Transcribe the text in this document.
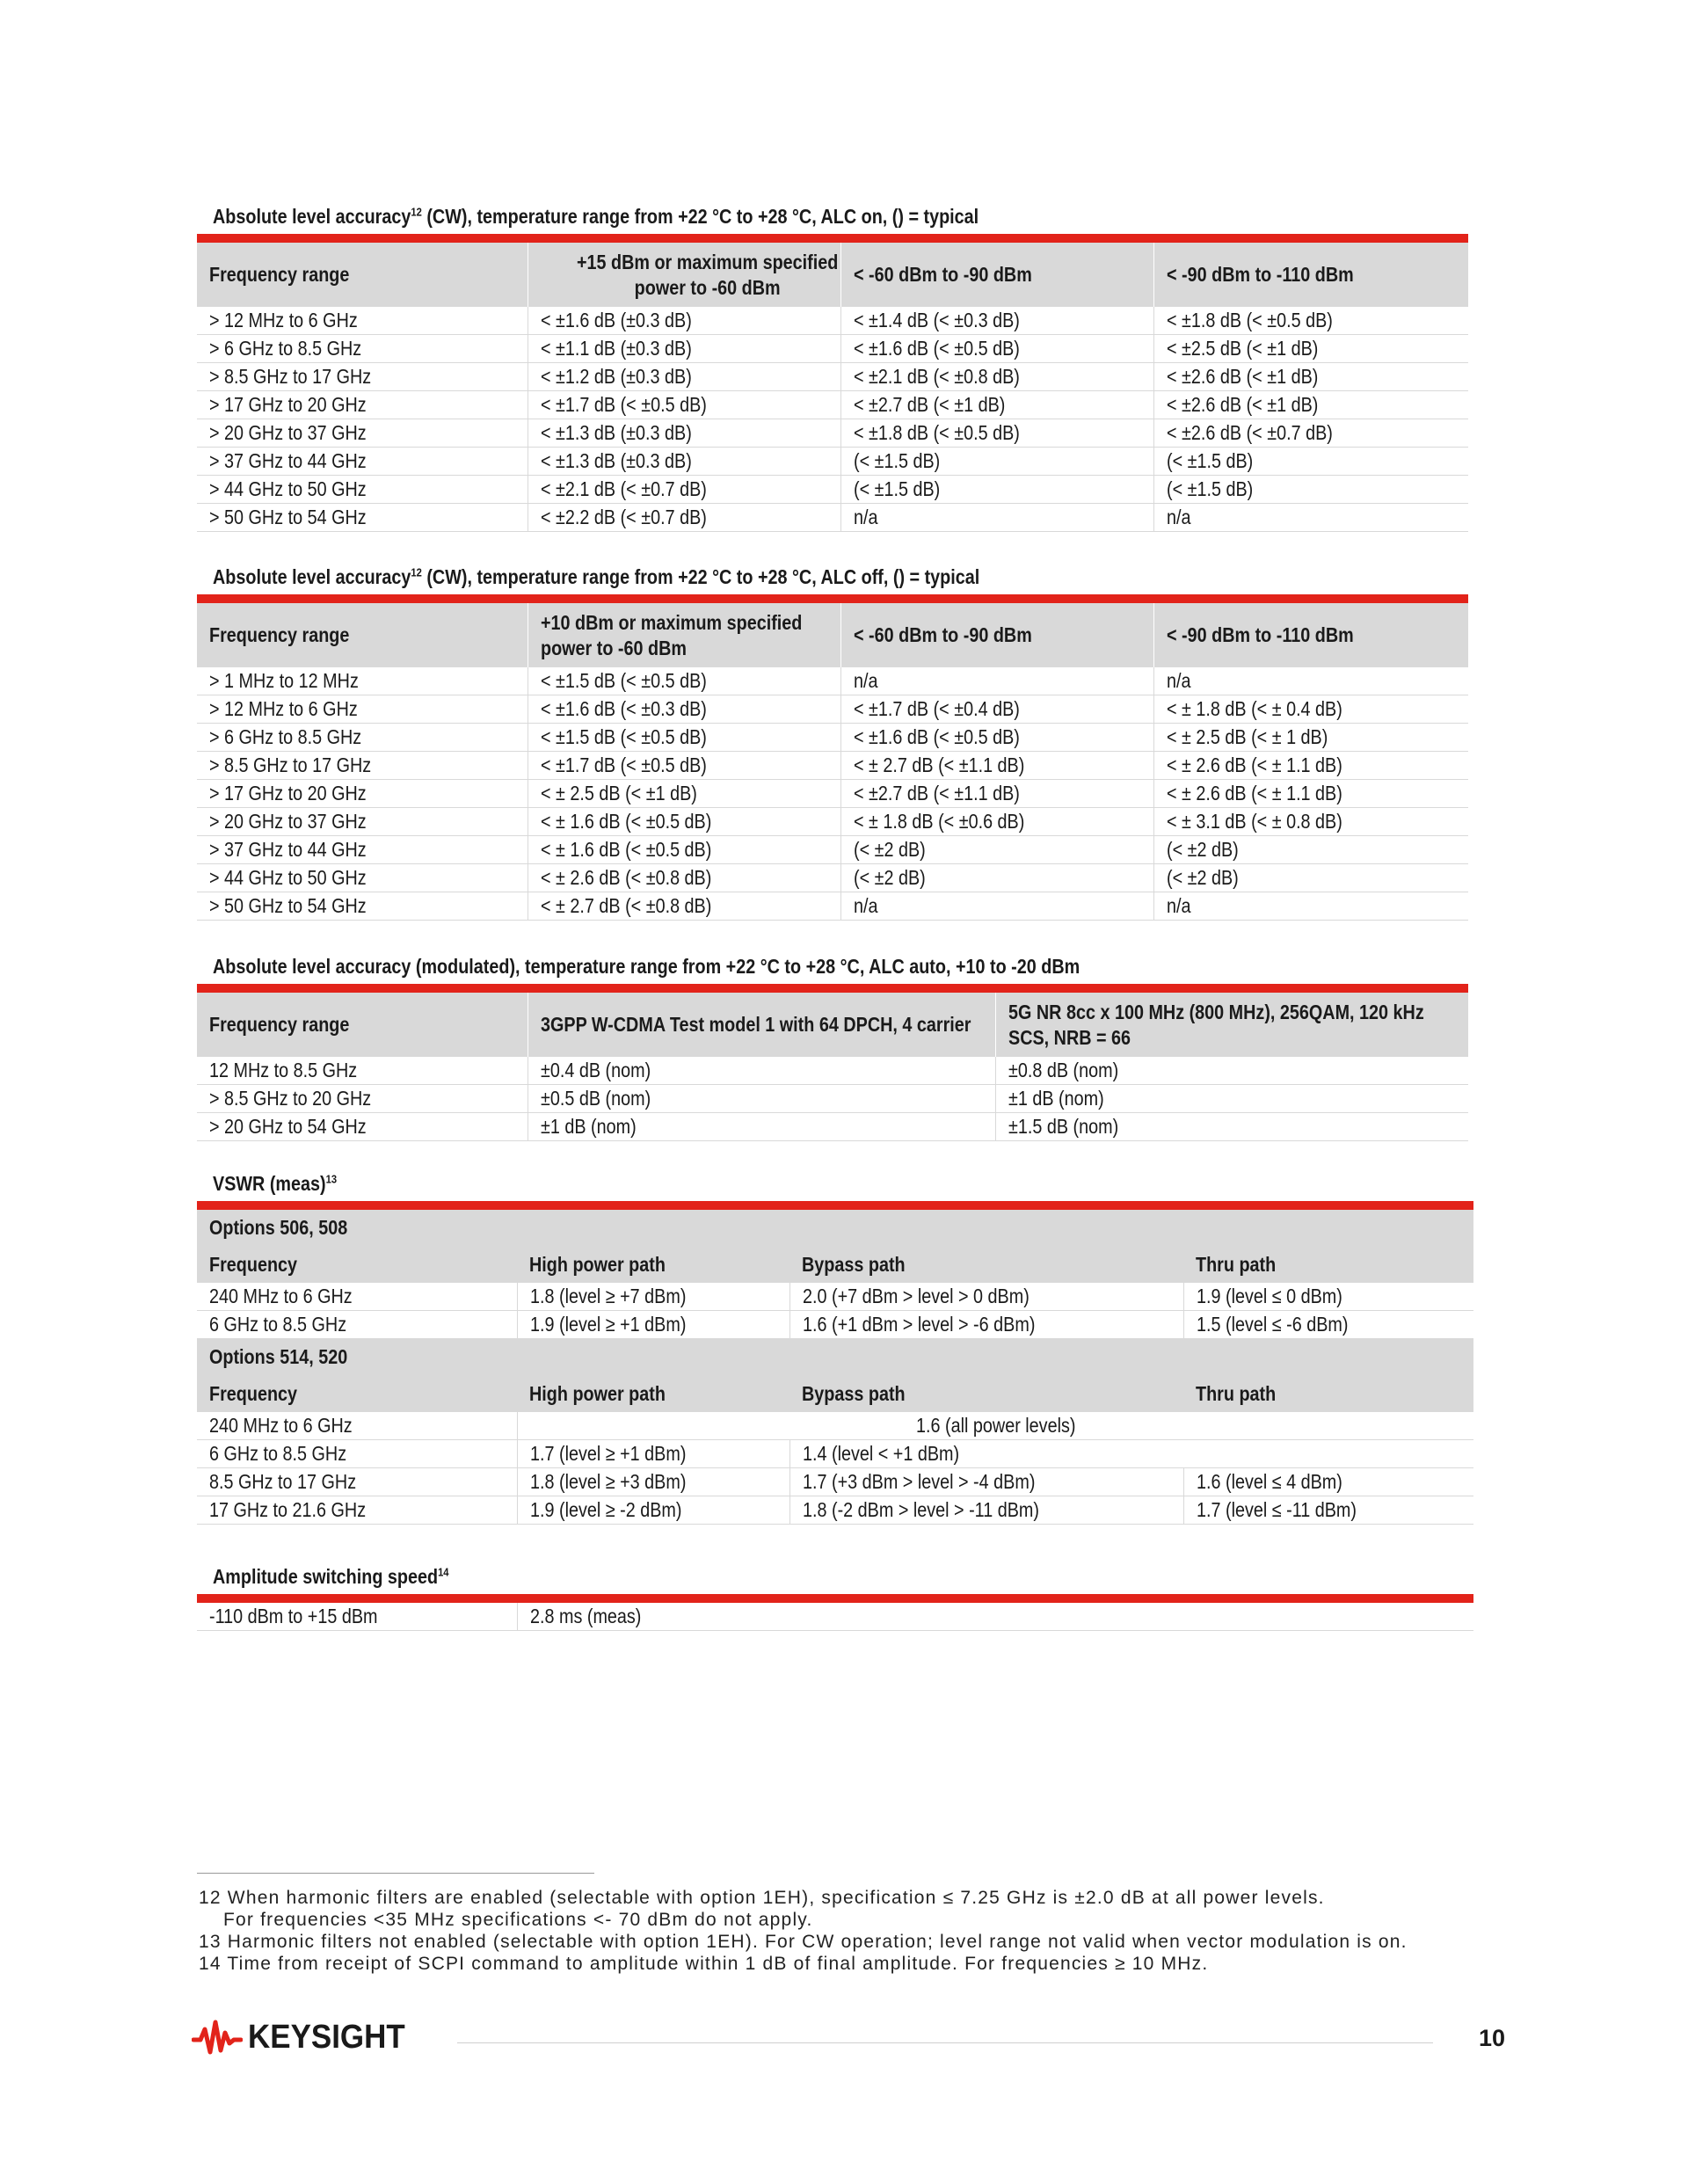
Absolute level accuracy$^{12}$ (CW), temperature range from +22 °C to +28 °C, ALC on, () = typical
Frequency range	+15 dBm or maximum specified power to -60 dBm	< -60 dBm to -90 dBm	< -90 dBm to -110 dBm

> 12 MHz to 6 GHz	< ±1.6 dB (±0.3 dB)	< ±1.4 dB (< ±0.3 dB)	< ±1.8 dB (< ±0.5 dB)

> 6 GHz to 8.5 GHz	< ±1.1 dB (±0.3 dB)	< ±1.6 dB (< ±0.5 dB)	< ±2.5 dB (< ±1 dB)

> 8.5 GHz to 17 GHz	< ±1.2 dB (±0.3 dB)	< ±2.1 dB (< ±0.8 dB)	< ±2.6 dB (< ±1 dB)

> 17 GHz to 20 GHz	< ±1.7 dB (< ±0.5 dB)	< ±2.7 dB (< ±1 dB)	< ±2.6 dB (< ±1 dB)

> 20 GHz to 37 GHz	< ±1.3 dB (±0.3 dB)	< ±1.8 dB (< ±0.5 dB)	< ±2.6 dB (< ±0.7 dB)

> 37 GHz to 44 GHz	< ±1.3 dB (±0.3 dB)	(< ±1.5 dB)	(< ±1.5 dB)

> 44 GHz to 50 GHz	< ±2.1 dB (< ±0.7 dB)	(< ±1.5 dB)	(< ±1.5 dB)

> 50 GHz to 54 GHz	< ±2.2 dB (< ±0.7 dB)	n/a	n/a
Absolute level accuracy$^{12}$ (CW), temperature range from +22 °C to +28 °C, ALC off, () = typical
Frequency range	+10 dBm or maximum specified power to -60 dBm	< -60 dBm to -90 dBm	< -90 dBm to -110 dBm

> 1 MHz to 12 MHz	< ±1.5 dB (< ±0.5 dB)	n/a	n/a

> 12 MHz to 6 GHz	< ±1.6 dB (< ±0.3 dB)	< ±1.7 dB (< ±0.4 dB)	< ± 1.8 dB (< ± 0.4 dB)

> 6 GHz to 8.5 GHz	< ±1.5 dB (< ±0.5 dB)	< ±1.6 dB (< ±0.5 dB)	< ± 2.5 dB (< ± 1 dB)

> 8.5 GHz to 17 GHz	< ±1.7 dB (< ±0.5 dB)	< ± 2.7 dB (< ±1.1 dB)	< ± 2.6 dB (< ± 1.1 dB)

> 17 GHz to 20 GHz	< ± 2.5 dB (< ±1 dB)	< ±2.7 dB (< ±1.1 dB)	< ± 2.6 dB (< ± 1.1 dB)

> 20 GHz to 37 GHz	< ± 1.6 dB (< ±0.5 dB)	< ± 1.8 dB (< ±0.6 dB)	< ± 3.1 dB (< ± 0.8 dB)

> 37 GHz to 44 GHz	< ± 1.6 dB (< ±0.5 dB)	(< ±2 dB)	(< ±2 dB)

> 44 GHz to 50 GHz	< ± 2.6 dB (< ±0.8 dB)	(< ±2 dB)	(< ±2 dB)

> 50 GHz to 54 GHz	< ± 2.7 dB (< ±0.8 dB)	n/a	n/a
Absolute level accuracy (modulated), temperature range from +22 °C to +28 °C, ALC auto, +10 to -20 dBm
Frequency range	3GPP W-CDMA Test model 1 with 64 DPCH, 4 carrier	5G NR 8cc x 100 MHz (800 MHz), 256QAM, 120 kHz SCS, NRB = 66

12 MHz to 8.5 GHz	±0.4 dB (nom)	±0.8 dB (nom)

> 8.5 GHz to 20 GHz	±0.5 dB (nom)	±1 dB (nom)

> 20 GHz to 54 GHz	±1 dB (nom)	±1.5 dB (nom)
VSWR (meas)$^{13}$
Options 506, 508			

Frequency	High power path	Bypass path	Thru path

240 MHz to 6 GHz	1.8 (level ≥ +7 dBm)	2.0 (+7 dBm > level > 0 dBm)	1.9 (level ≤ 0 dBm)

6 GHz to 8.5 GHz	1.9 (level ≥ +1 dBm)	1.6 (+1 dBm > level > -6 dBm)	1.5 (level ≤ -6 dBm)

Options 514, 520			

Frequency	High power path	Bypass path	Thru path

240 MHz to 6 GHz	1.6 (all power levels)		

6 GHz to 8.5 GHz	1.7 (level ≥ +1 dBm)	1.4 (level < +1 dBm)	

8.5 GHz to 17 GHz	1.8 (level ≥ +3 dBm)	1.7 (+3 dBm > level > -4 dBm)	1.6 (level ≤ 4 dBm)

17 GHz to 21.6 GHz	1.9 (level ≥ -2 dBm)	1.8 (-2 dBm > level > -11 dBm)	1.7 (level ≤ -11 dBm)
Amplitude switching speed$^{14}$
-110 dBm to +15 dBm	2.8 ms (meas)
12 When harmonic filters are enabled (selectable with option 1EH), specification ≤ 7.25 GHz is ±2.0 dB at all power levels.
For frequencies <35 MHz specifications <- 70 dBm do not apply.
13 Harmonic filters not enabled (selectable with option 1EH). For CW operation; level range not valid when vector modulation is on.
14 Time from receipt of SCPI command to amplitude within 1 dB of final amplitude. For frequencies ≥ 10 MHz.
KEYSIGHT	10
